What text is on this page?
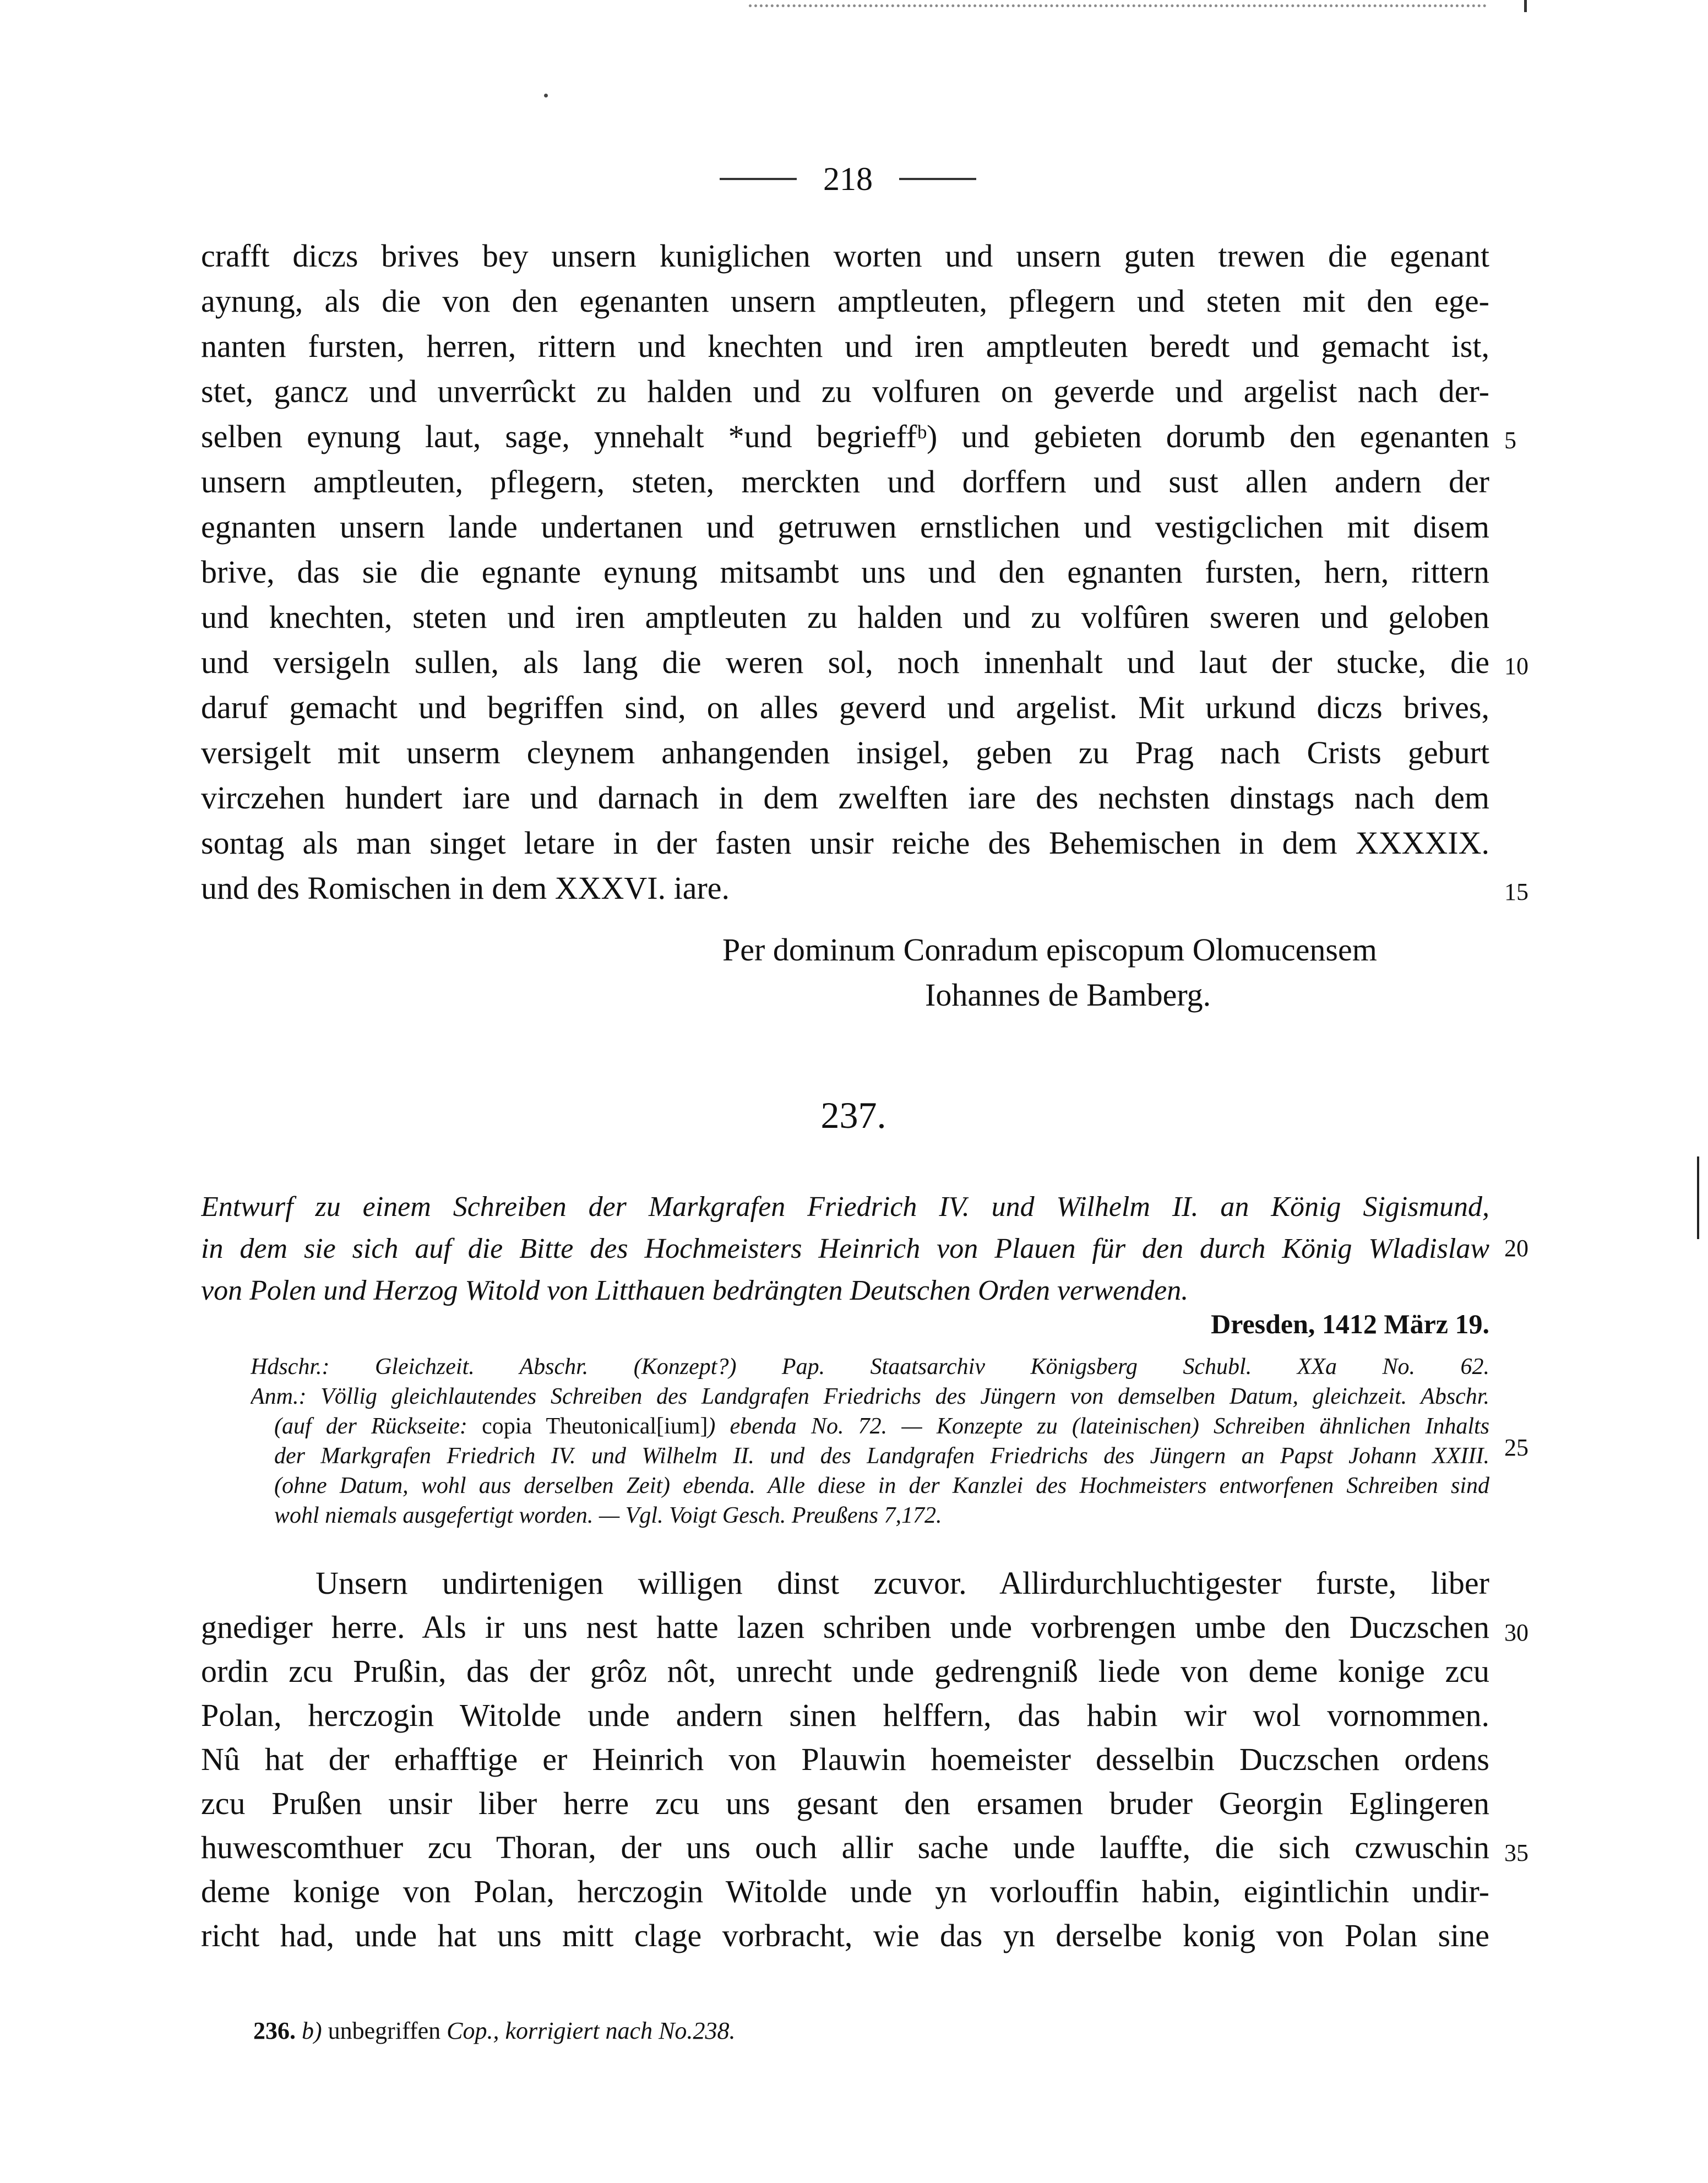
218
crafft diczs brives bey unsern kuniglichen worten und unsern guten trewen die egenant
aynung, als die von den egenanten unsern amptleuten, pflegern und steten mit den ege-
nanten fursten, herren, rittern und knechten und iren amptleuten beredt und gemacht ist,
stet, gancz und unverrûckt zu halden und zu volfuren on geverde und argelist nach der-
selben eynung laut, sage, ynnehalt *und begrieffᵇ) und gebieten dorumb den egenanten
unsern amptleuten, pflegern, steten, merckten und dorffern und sust allen andern der
egnanten unsern lande undertanen und getruwen ernstlichen und vestigclichen mit disem
brive, das sie die egnante eynung mitsambt uns und den egnanten fursten, hern, rittern
und knechten, steten und iren amptleuten zu halden und zu volfûren sweren und geloben
und versigeln sullen, als lang die weren sol, noch innenhalt und laut der stucke, die
daruf gemacht und begriffen sind, on alles geverd und argelist. Mit urkund diczs brives,
versigelt mit unserm cleynem anhangenden insigel, geben zu Prag nach Crists geburt
virczehen hundert iare und darnach in dem zwelften iare des nechsten dinstags nach dem
sontag als man singet letare in der fasten unsir reiche des Behemischen in dem XXXXIX.
und des Romischen in dem XXXVI. iare.
5
10
15
Per dominum Conradum episcopum Olomucensem
Iohannes de Bamberg.
237.
Entwurf zu einem Schreiben der Markgrafen Friedrich IV. und Wilhelm II. an König Sigismund,
in dem sie sich auf die Bitte des Hochmeisters Heinrich von Plauen für den durch König Wladislaw
von Polen und Herzog Witold von Litthauen bedrängten Deutschen Orden verwenden.
20
Dresden, 1412 März 19.
Hdschr.: Gleichzeit. Abschr. (Konzept?) Pap. Staatsarchiv Königsberg Schubl. XXa No. 62.
Anm.: Völlig gleichlautendes Schreiben des Landgrafen Friedrichs des Jüngern von demselben Datum, gleichzeit. Abschr.
(auf der Rückseite: copia Theutonical[ium]) ebenda No. 72. — Konzepte zu (lateinischen) Schreiben ähnlichen Inhalts
der Markgrafen Friedrich IV. und Wilhelm II. und des Landgrafen Friedrichs des Jüngern an Papst Johann XXIII.
(ohne Datum, wohl aus derselben Zeit) ebenda. Alle diese in der Kanzlei des Hochmeisters entworfenen Schreiben sind
wohl niemals ausgefertigt worden. — Vgl. Voigt Gesch. Preußens 7,172.
25
Unsern undirtenigen willigen dinst zcuvor. Allirdurchluchtigester furste, liber
gnediger herre. Als ir uns nest hatte lazen schriben unde vorbrengen umbe den Duczschen
ordin zcu Prußin, das der grôz nôt, unrecht unde gedrengniß liede von deme konige zcu
Polan, herczogin Witolde unde andern sinen helffern, das habin wir wol vornommen.
Nû hat der erhafftige er Heinrich von Plauwin hoemeister desselbin Duczschen ordens
zcu Prußen unsir liber herre zcu uns gesant den ersamen bruder Georgin Eglingeren
huwescomthuer zcu Thoran, der uns ouch allir sache unde lauffte, die sich czwuschin
deme konige von Polan, herczogin Witolde unde yn vorlouffin habin, eigintlichin undir-
richt had, unde hat uns mitt clage vorbracht, wie das yn derselbe konig von Polan sine
30
35
236. b) unbegriffen Cop., korrigiert nach No.238.
